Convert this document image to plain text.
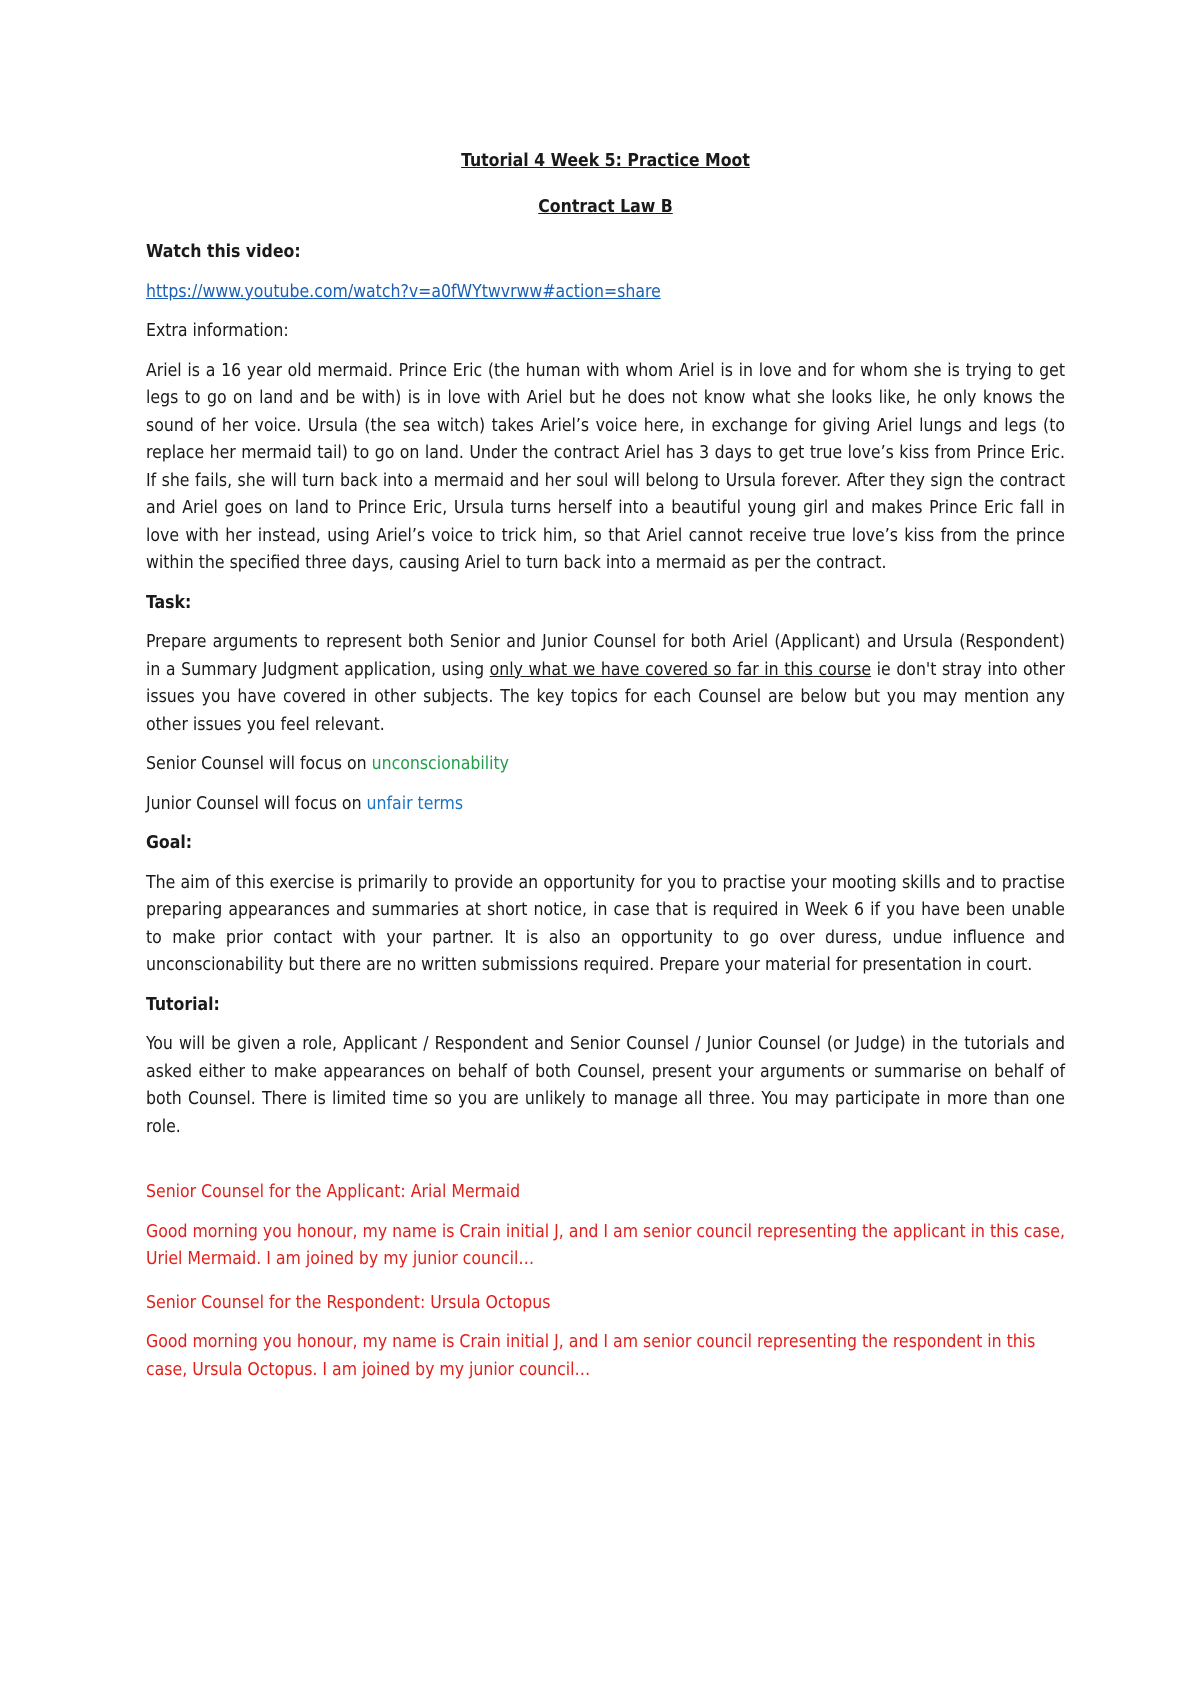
Tutorial 4 Week 5: Practice Moot
Contract Law B
Watch this video:

https://www.youtube.com/watch?v=a0fWYtwvrww#action=share

Extra information:

Ariel is a 16 year old mermaid. Prince Eric (the human with whom Ariel is in love and for whom she is trying to get legs to go on land and be with) is in love with Ariel but he does not know what she looks like, he only knows the sound of her voice. Ursula (the sea witch) takes Ariel’s voice here, in exchange for giving Ariel lungs and legs (to replace her mermaid tail) to go on land. Under the contract Ariel has 3 days to get true love’s kiss from Prince Eric. If she fails, she will turn back into a mermaid and her soul will belong to Ursula forever. After they sign the contract and Ariel goes on land to Prince Eric, Ursula turns herself into a beautiful young girl and makes Prince Eric fall in love with her instead, using Ariel’s voice to trick him, so that Ariel cannot receive true love’s kiss from the prince within the specified three days, causing Ariel to turn back into a mermaid as per the contract.

Task:

Prepare arguments to represent both Senior and Junior Counsel for both Ariel (Applicant) and Ursula (Respondent) in a Summary Judgment application, using only what we have covered so far in this course ie don't stray into other issues you have covered in other subjects. The key topics for each Counsel are below but you may mention any other issues you feel relevant.

Senior Counsel will focus on unconscionability

Junior Counsel will focus on unfair terms

Goal:

The aim of this exercise is primarily to provide an opportunity for you to practise your mooting skills and to practise preparing appearances and summaries at short notice, in case that is required in Week 6 if you have been unable to make prior contact with your partner. It is also an opportunity to go over duress, undue influence and unconscionability but there are no written submissions required. Prepare your material for presentation in court.

Tutorial:

You will be given a role, Applicant / Respondent and Senior Counsel / Junior Counsel (or Judge) in the tutorials and asked either to make appearances on behalf of both Counsel, present your arguments or summarise on behalf of both Counsel. There is limited time so you are unlikely to manage all three. You may participate in more than one role.

Senior Counsel for the Applicant: Arial Mermaid

Good morning you honour, my name is Crain initial J, and I am senior council representing the applicant in this case, Uriel Mermaid. I am joined by my junior council…

Senior Counsel for the Respondent: Ursula Octopus

Good morning you honour, my name is Crain initial J, and I am senior council representing the respondent in this case, Ursula Octopus. I am joined by my junior council…
